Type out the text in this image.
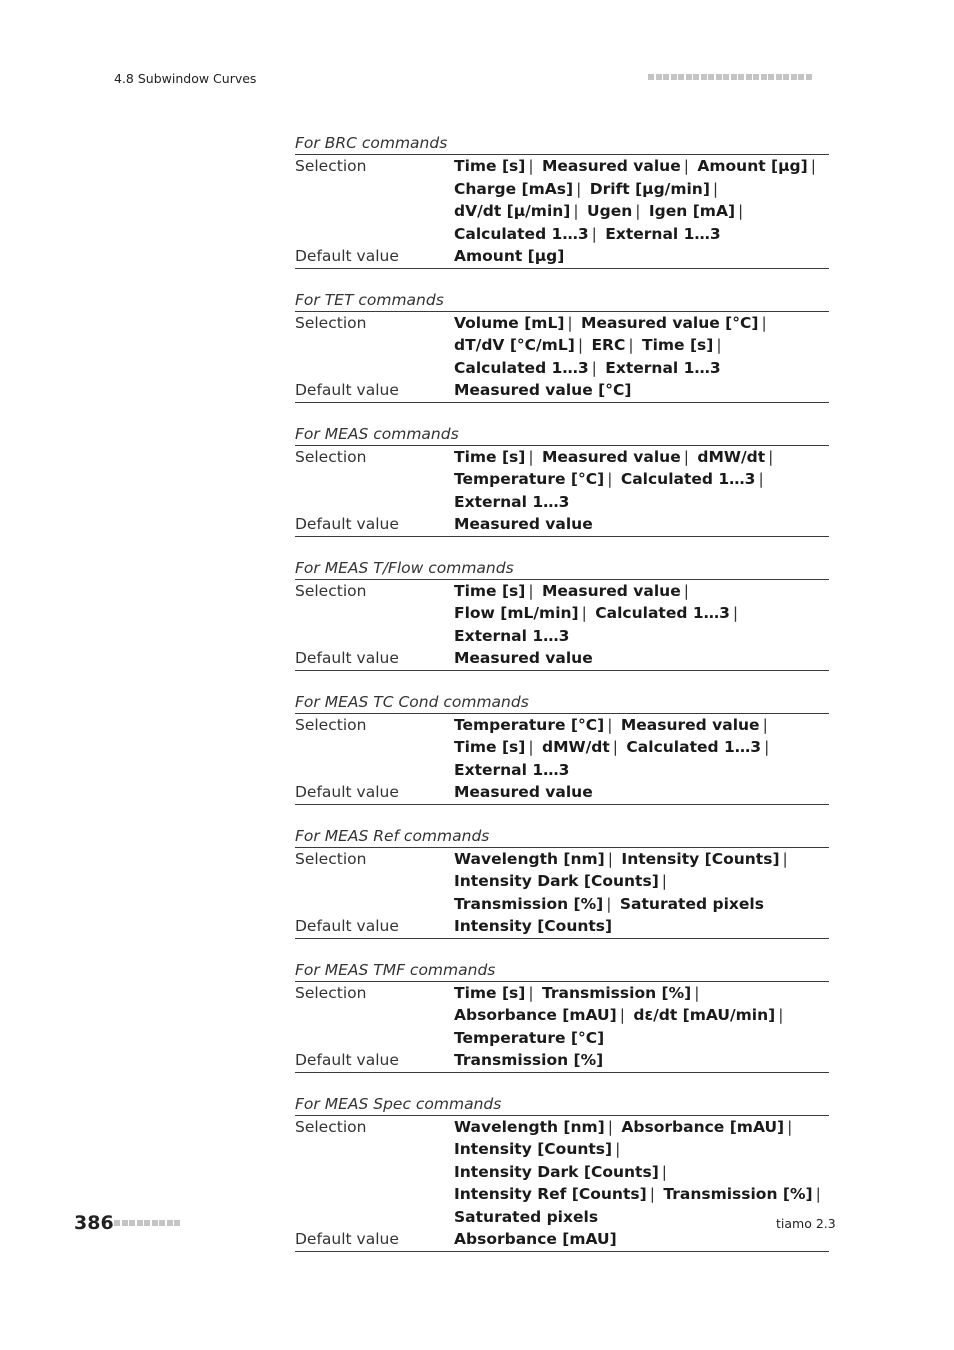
4.8 Subwindow Curves
For BRC commands
Selection	Time [s] | Measured value | Amount [µg] | Charge [mAs] | Drift [µg/min] | dV/dt [µ/min] | Ugen | Igen [mA] | Calculated 1…3 | External 1…3
Default value	Amount [µg]
For TET commands
Selection	Volume [mL] | Measured value [°C] | dT/dV [°C/mL] | ERC | Time [s] | Calculated 1…3 | External 1…3
Default value	Measured value [°C]
For MEAS commands
Selection	Time [s] | Measured value | dMW/dt | Temperature [°C] | Calculated 1…3 | External 1…3
Default value	Measured value
For MEAS T/Flow commands
Selection	Time [s] | Measured value | Flow [mL/min] | Calculated 1…3 | External 1…3
Default value	Measured value
For MEAS TC Cond commands
Selection	Temperature [°C] | Measured value | Time [s] | dMW/dt | Calculated 1…3 | External 1…3
Default value	Measured value
For MEAS Ref commands
Selection	Wavelength [nm] | Intensity [Counts] | Intensity Dark [Counts] | Transmission [%] | Saturated pixels
Default value	Intensity [Counts]
For MEAS TMF commands
Selection	Time [s] | Transmission [%] | Absorbance [mAU] | dε/dt [mAU/min] | Temperature [°C]
Default value	Transmission [%]
For MEAS Spec commands
Selection	Wavelength [nm] | Absorbance [mAU] | Intensity [Counts] | Intensity Dark [Counts] | Intensity Ref [Counts] | Transmission [%] | Saturated pixels
Default value	Absorbance [mAU]
386	tiamo 2.3
